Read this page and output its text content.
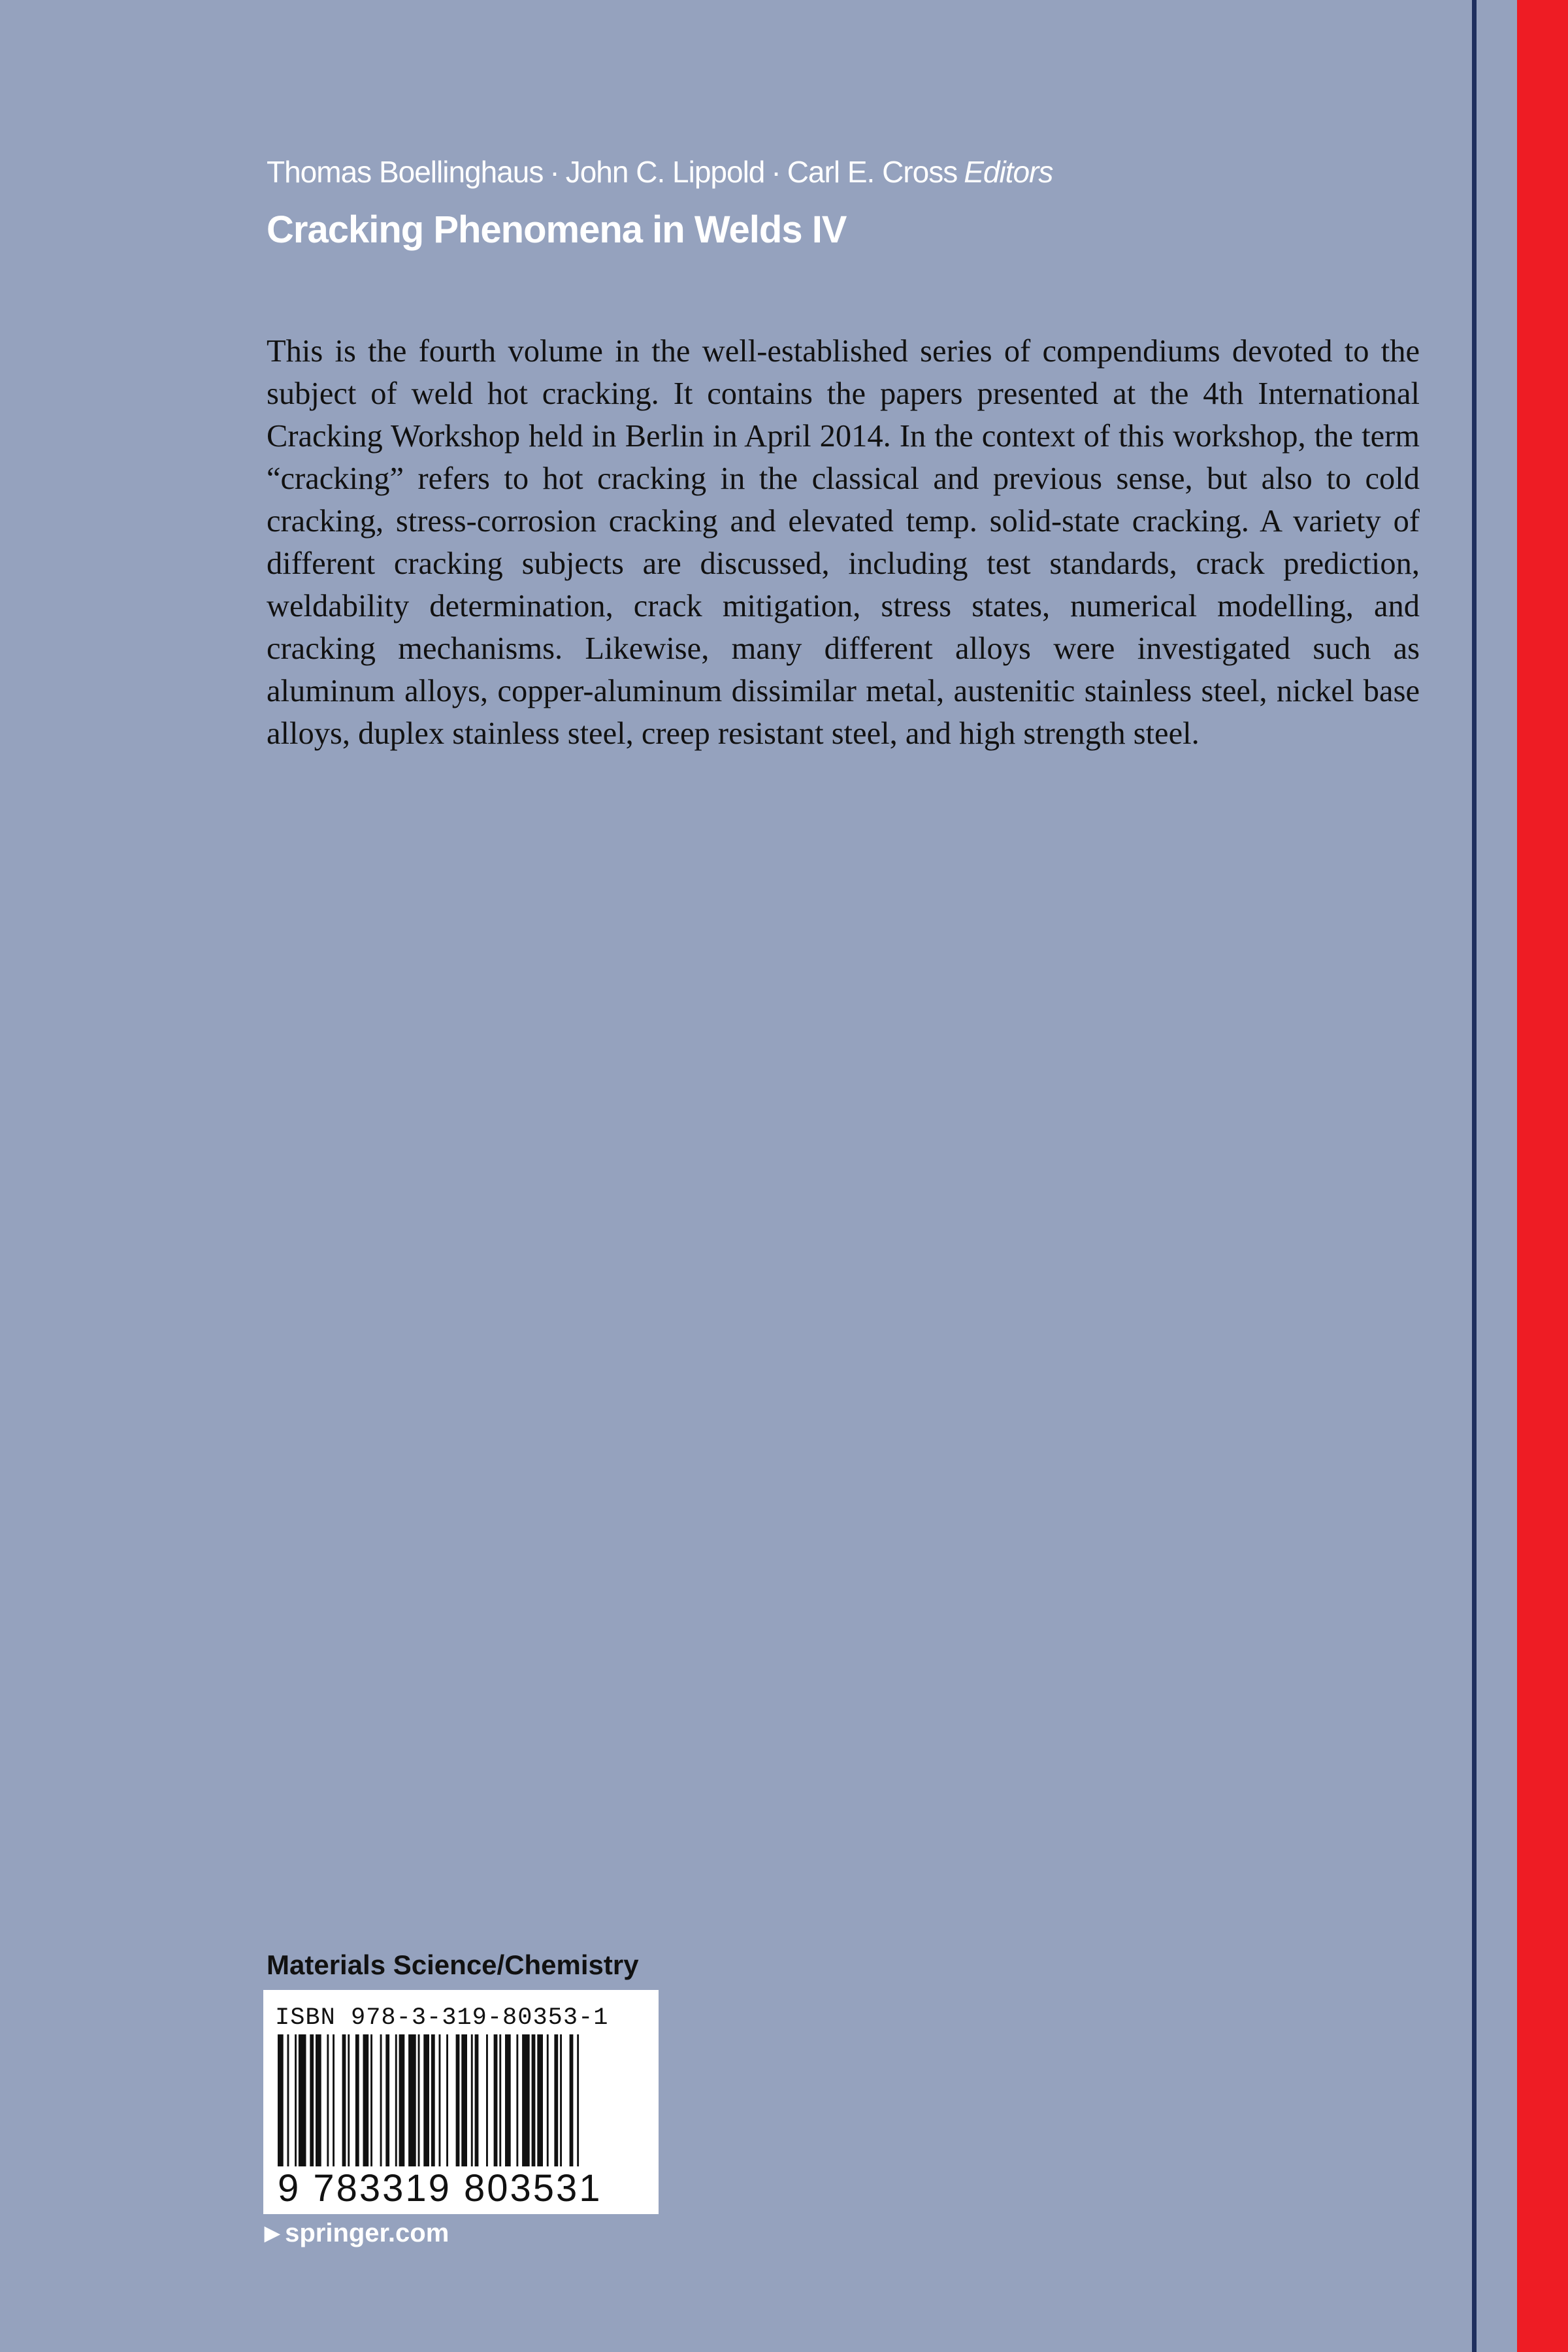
Thomas Boellinghaus · John C. Lippold · Carl E. Cross Editors
Cracking Phenomena in Welds IV
This is the fourth volume in the well-established series of compendiums devoted to the subject of weld hot cracking. It contains the papers presented at the 4th International Cracking Workshop held in Berlin in April 2014. In the context of this workshop, the term “cracking” refers to hot cracking in the classical and previous sense, but also to cold cracking, stress-corrosion cracking and elevated temp. solid-state cracking. A variety of different cracking subjects are discussed, including test standards, crack prediction, weldability determination, crack mitigation, stress states, numerical modelling, and cracking mechanisms. Likewise, many different alloys were investigated such as aluminum alloys, copper-aluminum dissimilar metal, austenitic stainless steel, nickel base alloys, duplex stainless steel, creep resistant steel, and high strength steel.
Materials Science/Chemistry
ISBN 978-3-319-80353-1
9 783319 803531
▶ springer.com
